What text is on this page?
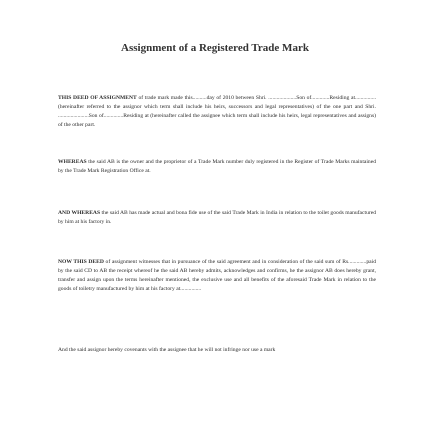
Assignment of a Registered Trade Mark
THIS DEED OF ASSIGNMENT of trade mark made this..........day of 2010 between Shri. ....................Son of.............Residing at...............(hereinafter referred to the assignor which term shall include his heirs, successors and legal representatives) of the one part and Shri. ......................Son of..............Residing at (hereinafter called the assignee which term shall include his heirs, legal representatives and assigns) of the other part.
WHEREAS the said AB is the owner and the proprietor of a Trade Mark number duly registered in the Register of Trade Marks maintained by the Trade Mark Registration Office at.
AND WHEREAS the said AB has made actual and bona fide use of the said Trade Mark in India in relation to the toilet goods manufactured by him at his factory in.
NOW THIS DEED of assignment witnesses that in pursuance of the said agreement and in consideration of the said sum of Rs.............paid by the said CD to AB the receipt whereof he the said AB hereby admits, acknowledges and confirms, he the assignor AB does hereby grant, transfer and assign upon the terms hereinafter mentioned, the exclusive use and all benefits of the aforesaid Trade Mark in relation to the goods of toiletry manufactured by him at his factory at...............
And the said assignor hereby covenants with the assignee that he will not infringe nor use a mark
